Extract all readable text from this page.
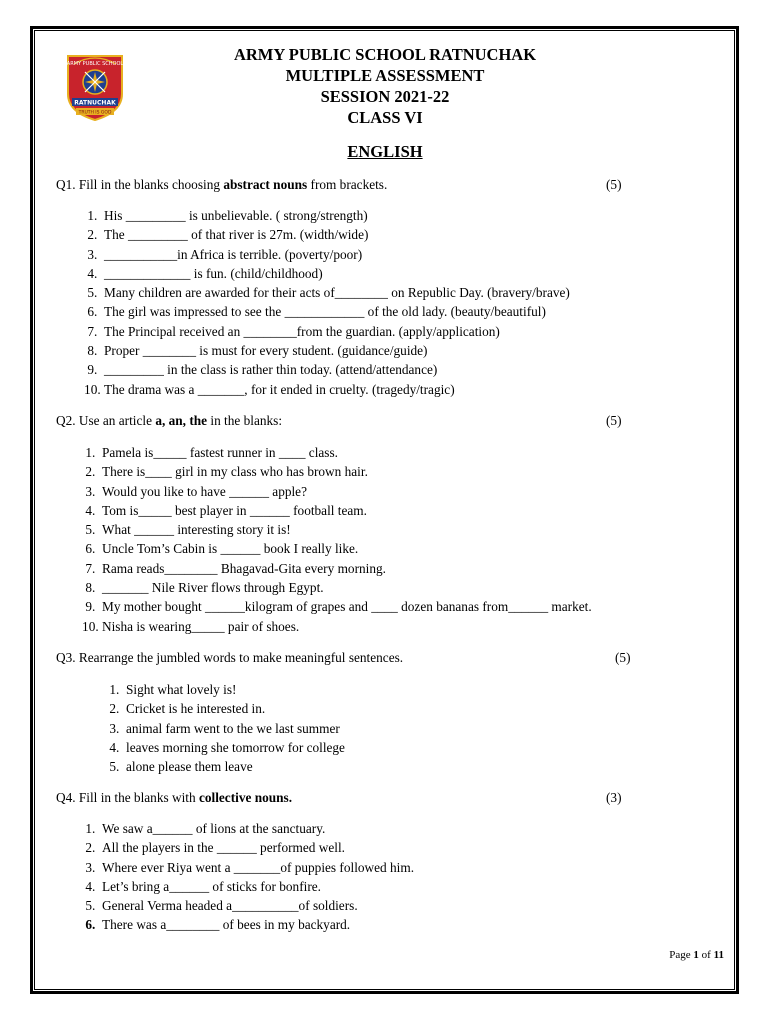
ARMY PUBLIC SCHOOL
RATNUCHAK
TRUTH IS GOD
ARMY PUBLIC SCHOOL RATNUCHAK
MULTIPLE ASSESSMENT
SESSION 2021-22
CLASS VI
ENGLISH
Q1. Fill in the blanks choosing abstract nouns from brackets.	(5)
1.  His _________ is unbelievable. ( strong/strength)
2.  The _________ of that river is 27m. (width/wide)
3.  ___________in Africa is terrible. (poverty/poor)
4.  _____________ is fun. (child/childhood)
5.  Many children are awarded for their acts of________ on Republic Day. (bravery/brave)
6.  The girl was impressed to see the ____________ of the old lady. (beauty/beautiful)
7.  The Principal received an ________from the guardian. (apply/application)
8.  Proper ________ is must for every student. (guidance/guide)
9.  _________ in the class is rather thin today. (attend/attendance)
10. The drama was a _______, for it ended in cruelty. (tragedy/tragic)
Q2. Use an article a, an, the in the blanks:	(5)
1.  Pamela is_____ fastest runner in ____ class.
2.  There is____ girl in my class who has brown hair.
3.  Would you like to have ______ apple?
4.  Tom is_____ best player in ______ football team.
5.  What ______ interesting story it is!
6.  Uncle Tom’s Cabin is ______ book I really like.
7.  Rama reads________ Bhagavad-Gita every morning.
8.  _______ Nile River flows through Egypt.
9.  My mother bought ______kilogram of grapes and ____ dozen bananas from______ market.
10. Nisha is wearing_____ pair of shoes.
Q3. Rearrange the jumbled words to make meaningful sentences.	(5)
1.  Sight what lovely is!
2.  Cricket is he interested in.
3.  animal farm went to the we last summer
4.  leaves morning she tomorrow for college
5.  alone please them leave
Q4. Fill in the blanks with collective nouns.	(3)
1.  We saw a______ of lions at the sanctuary.
2.  All the players in the ______ performed well.
3.  Where ever Riya went a _______of puppies followed him.
4.  Let’s bring a______ of sticks for bonfire.
5.  General Verma headed a__________of soldiers.
6.  There was a________ of bees in my backyard.
Page 1 of 11
